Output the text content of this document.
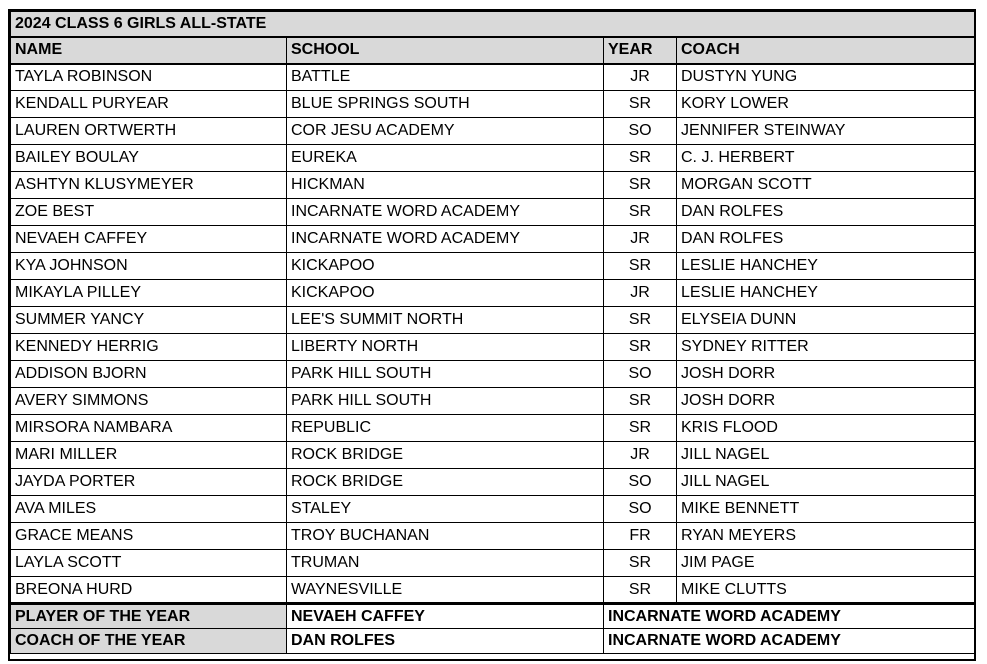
2024 CLASS 6 GIRLS ALL-STATE			
NAME	SCHOOL	YEAR	COACH
TAYLA ROBINSON	BATTLE	JR	DUSTYN YUNG
KENDALL PURYEAR	BLUE SPRINGS SOUTH	SR	KORY LOWER
LAUREN ORTWERTH	COR JESU ACADEMY	SO	JENNIFER STEINWAY
BAILEY BOULAY	EUREKA	SR	C. J. HERBERT
ASHTYN KLUSYMEYER	HICKMAN	SR	MORGAN SCOTT
ZOE BEST	INCARNATE WORD ACADEMY	SR	DAN ROLFES
NEVAEH CAFFEY	INCARNATE WORD ACADEMY	JR	DAN ROLFES
KYA JOHNSON	KICKAPOO	SR	LESLIE HANCHEY
MIKAYLA PILLEY	KICKAPOO	JR	LESLIE HANCHEY
SUMMER YANCY	LEE'S SUMMIT NORTH	SR	ELYSEIA DUNN
KENNEDY HERRIG	LIBERTY NORTH	SR	SYDNEY RITTER
ADDISON BJORN	PARK HILL SOUTH	SO	JOSH DORR
AVERY SIMMONS	PARK HILL SOUTH	SR	JOSH DORR
MIRSORA NAMBARA	REPUBLIC	SR	KRIS FLOOD
MARI MILLER	ROCK BRIDGE	JR	JILL NAGEL
JAYDA PORTER	ROCK BRIDGE	SO	JILL NAGEL
AVA MILES	STALEY	SO	MIKE BENNETT
GRACE MEANS	TROY BUCHANAN	FR	RYAN MEYERS
LAYLA SCOTT	TRUMAN	SR	JIM PAGE
BREONA HURD	WAYNESVILLE	SR	MIKE CLUTTS
PLAYER OF THE YEAR	NEVAEH CAFFEY	INCARNATE WORD ACADEMY	
COACH OF THE YEAR	DAN ROLFES	INCARNATE WORD ACADEMY	
